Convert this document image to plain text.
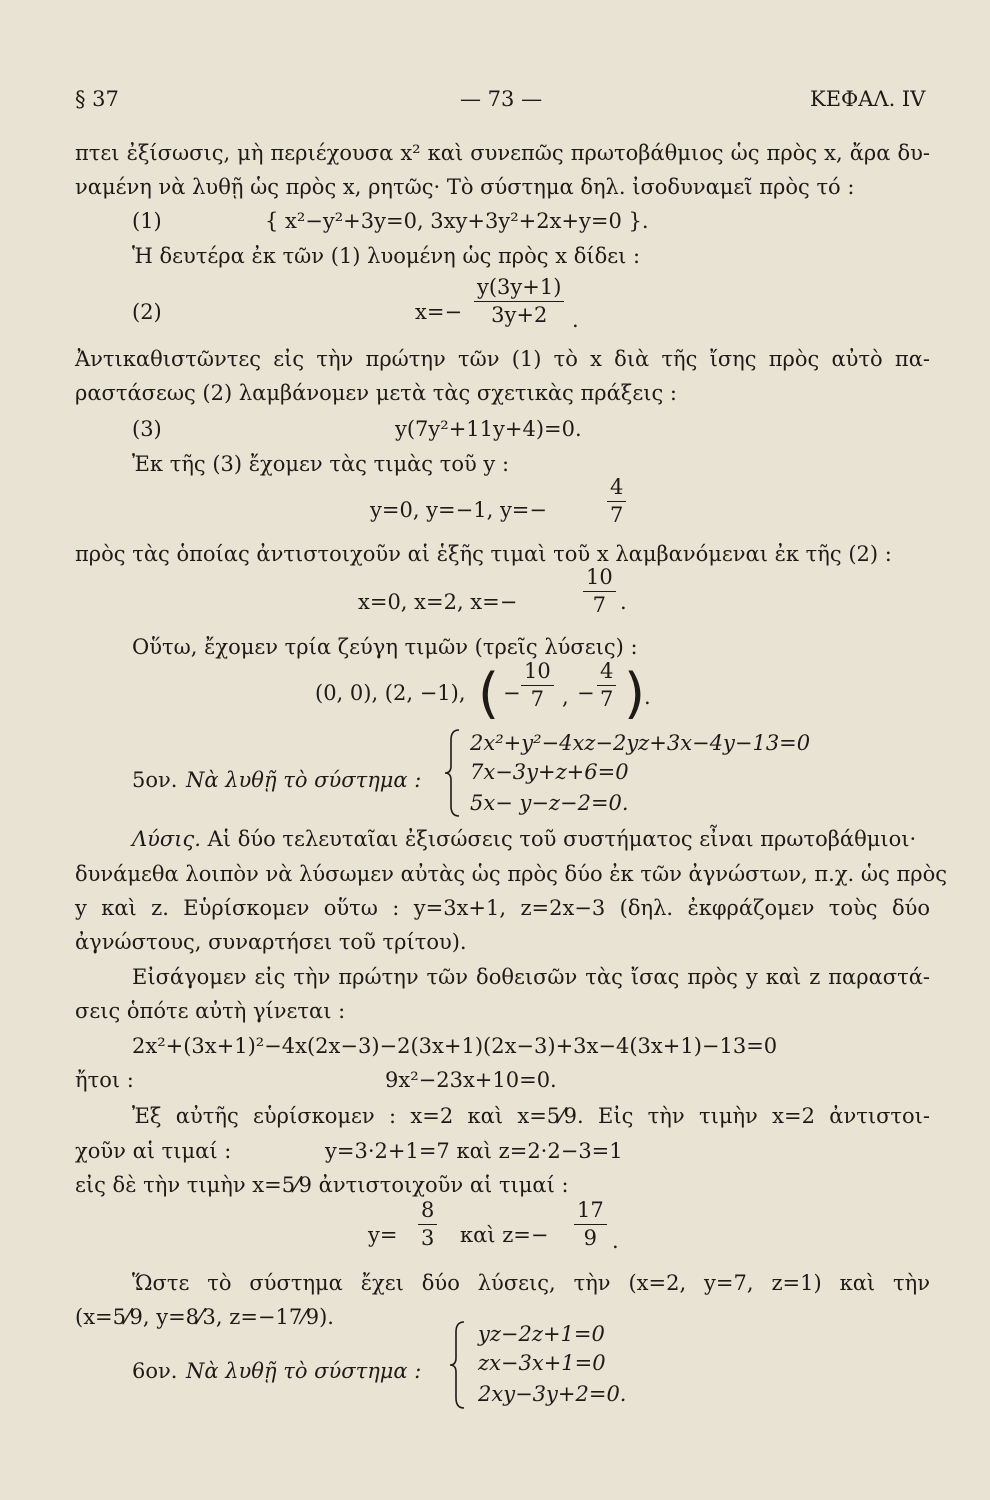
§ 37	— 73 —	ΚΕΦΑΛ. IV
πτει ἐξίσωσις, μὴ περιέχουσα x² καὶ συνεπῶς πρωτοβάθμιος ὡς πρὸς x, ἄρα δυ-
ναμένη νὰ λυθῇ ὡς πρὸς x, ρητῶς· Τὸ σύστημα δηλ. ἰσοδυναμεῖ πρὸς τό :
(1)	{ x²−y²+3y=0, 3xy+3y²+2x+y=0 }.
Ἡ δευτέρα ἐκ τῶν (1) λυομένη ὡς πρὸς x δίδει :
(2)	x=−
y(3y+1)
3y+2	.
Ἀντικαθιστῶντες εἰς τὴν πρώτην τῶν (1) τὸ x διὰ τῆς ἴσης πρὸς αὐτὸ πα-
ραστάσεως (2) λαμβάνομεν μετὰ τὰς σχετικὰς πράξεις :
(3)	y(7y²+11y+4)=0.
Ἐκ τῆς (3) ἔχομεν τὰς τιμὰς τοῦ y :
y=0, y=−1, y=−
4
7
πρὸς τὰς ὁποίας ἀντιστοιχοῦν αἱ ἑξῆς τιμαὶ τοῦ x λαμβανόμεναι ἐκ τῆς (2) :
x=0, x=2, x=−
10
7 .
Οὕτω, ἔχομεν τρία ζεύγη τιμῶν (τρεῖς λύσεις) :
(0, 0), (2, −1), ( −
10
7 , −
4
7 )
.
5ον. Νὰ λυθῇ τὸ σύστημα :
2x²+y²−4xz−2yz+3x−4y−13=0
7x−3y+z+6=0
5x− y−z−2=0.
Λύσις. Αἱ δύο τελευταῖαι ἐξισώσεις τοῦ συστήματος εἶναι πρωτοβάθμιοι·
δυνάμεθα λοιπὸν νὰ λύσωμεν αὐτὰς ὡς πρὸς δύο ἐκ τῶν ἀγνώστων, π.χ. ὡς πρὸς
y καὶ z. Εὑρίσκομεν οὕτω : y=3x+1, z=2x−3 (δηλ. ἐκφράζομεν τοὺς δύο
ἀγνώστους, συναρτήσει τοῦ τρίτου).
Εἰσάγομεν εἰς τὴν πρώτην τῶν δοθεισῶν τὰς ἴσας πρὸς y καὶ z παραστά-
σεις ὁπότε αὐτὴ γίνεται :
2x²+(3x+1)²−4x(2x−3)−2(3x+1)(2x−3)+3x−4(3x+1)−13=0
ἤτοι :	9x²−23x+10=0.
Ἐξ αὐτῆς εὑρίσκομεν : x=2 καὶ x=5⁄9. Εἰς τὴν τιμὴν x=2 ἀντιστοι-
χοῦν αἱ τιμαί :	y=3·2+1=7 καὶ z=2·2−3=1
εἰς δὲ τὴν τιμὴν x=5⁄9 ἀντιστοιχοῦν αἱ τιμαί :
y=
8
3 καὶ z=−
17
9 .
Ὥστε τὸ σύστημα ἔχει δύο λύσεις, τὴν (x=2, y=7, z=1) καὶ τὴν
(x=5⁄9, y=8⁄3, z=−17⁄9).
6ον. Νὰ λυθῇ τὸ σύστημα :
yz−2z+1=0
zx−3x+1=0
2xy−3y+2=0.
